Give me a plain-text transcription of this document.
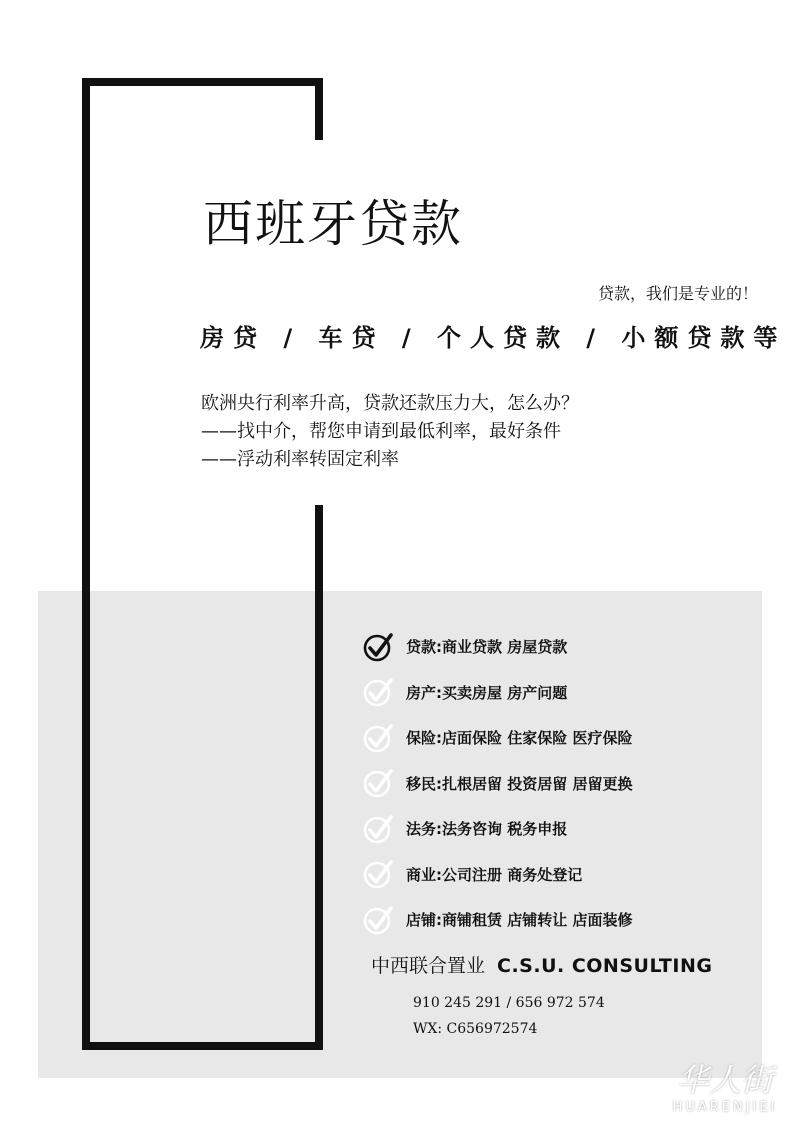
西班牙贷款
贷款，我们是专业的！
房贷 / 车贷 / 个人贷款 / 小额贷款等
欧洲央行利率升高，贷款还款压力大，怎么办？
——找中介，帮您申请到最低利率，最好条件
——浮动利率转固定利率
贷款:商业贷款 房屋贷款
房产:买卖房屋 房产问题
保险:店面保险 住家保险 医疗保险
移民:扎根居留 投资居留 居留更换
法务:法务咨询 税务申报
商业:公司注册 商务处登记
店铺:商铺租赁 店铺转让 店面装修
中西联合置业 C.S.U. CONSULTING
910 245 291 / 656 972 574
WX: C656972574
华人街
HUARENJIEI
